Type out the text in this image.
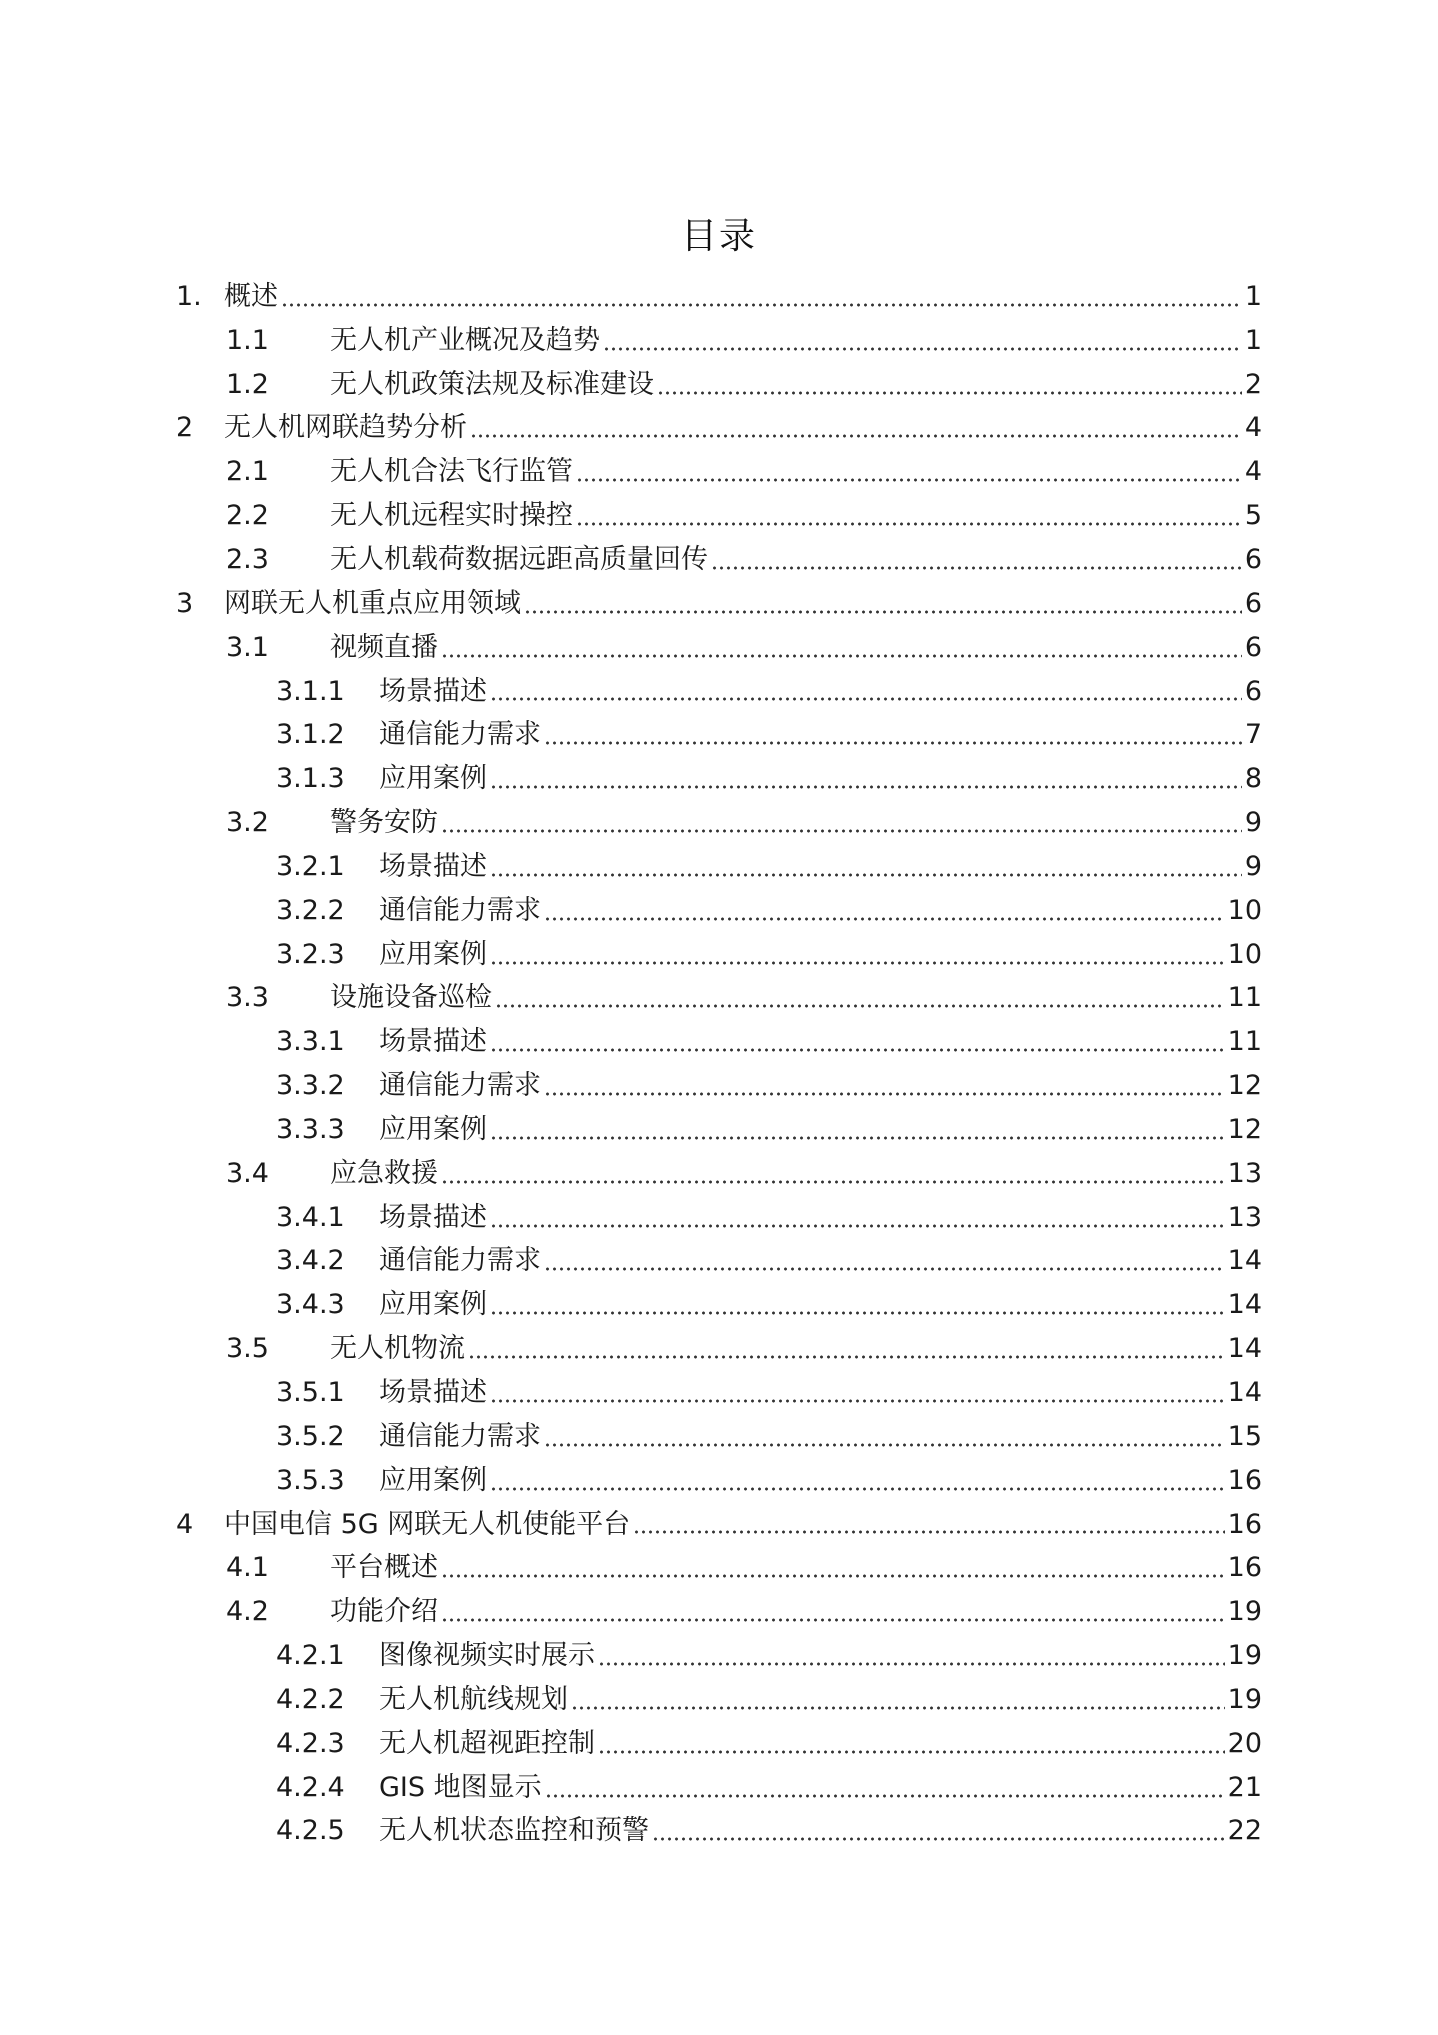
目录
1. 概述	1
1.1	无人机产业概况及趋势	1
1.2	无人机政策法规及标准建设	2
2	无人机网联趋势分析	4
2.1	无人机合法飞行监管	4
2.2	无人机远程实时操控	5
2.3	无人机载荷数据远距高质量回传	6
3	网联无人机重点应用领域	6
3.1	视频直播	6
3.1.1	场景描述	6
3.1.2	通信能力需求	7
3.1.3	应用案例	8
3.2	警务安防	9
3.2.1	场景描述	9
3.2.2	通信能力需求	10
3.2.3	应用案例	10
3.3	设施设备巡检	11
3.3.1	场景描述	11
3.3.2	通信能力需求	12
3.3.3	应用案例	12
3.4	应急救援	13
3.4.1	场景描述	13
3.4.2	通信能力需求	14
3.4.3	应用案例	14
3.5	无人机物流	14
3.5.1	场景描述	14
3.5.2	通信能力需求	15
3.5.3	应用案例	16
4	中国电信 5G 网联无人机使能平台	16
4.1	平台概述	16
4.2	功能介绍	19
4.2.1	图像视频实时展示	19
4.2.2	无人机航线规划	19
4.2.3	无人机超视距控制	20
4.2.4	GIS 地图显示	21
4.2.5	无人机状态监控和预警	22
